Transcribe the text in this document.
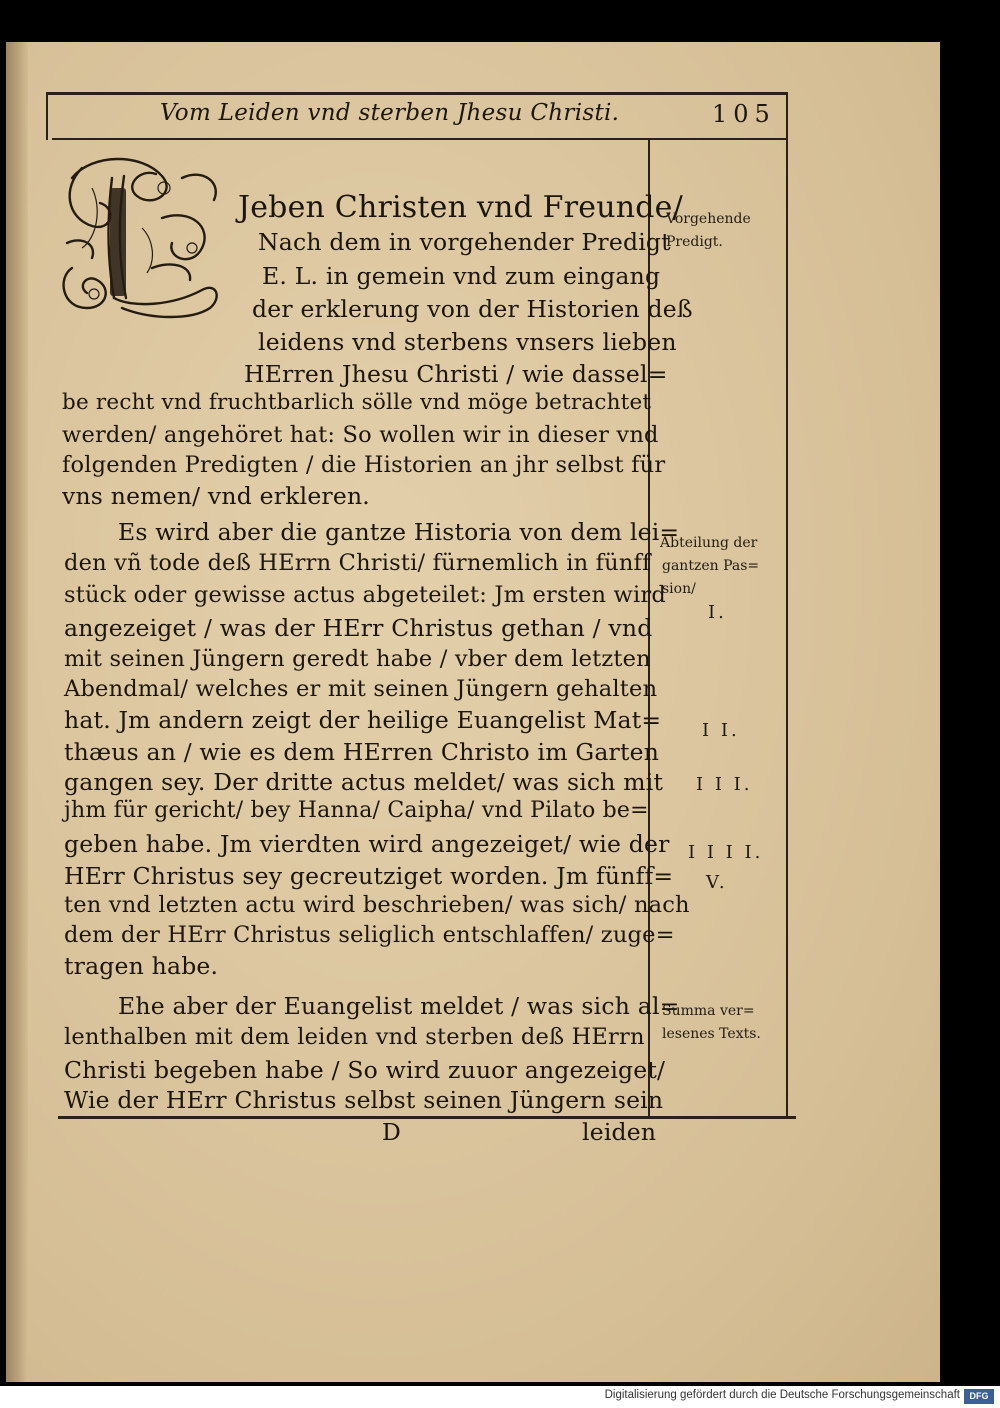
Vom Leiden vnd sterben Jhesu Christi.	105
Jeben Christen vnd Freunde/
Nach dem in vorgehender Predigt
E. L. in gemein vnd zum eingang
der erklerung von der Historien deß
leidens vnd sterbens vnsers lieben
HErren Jhesu Christi / wie dassel=
be recht vnd fruchtbarlich sölle vnd möge betrachtet
werden/ angehöret hat: So wollen wir in dieser vnd
folgenden Predigten / die Historien an jhr selbst für
vns nemen/ vnd erkleren.
Es wird aber die gantze Historia von dem lei=
den vñ tode deß HErrn Christi/ fürnemlich in fünff
stück oder gewisse actus abgeteilet: Jm ersten wird
angezeiget / was der HErr Christus gethan / vnd
mit seinen Jüngern geredt habe / vber dem letzten
Abendmal/ welches er mit seinen Jüngern gehalten
hat. Jm andern zeigt der heilige Euangelist Mat=
thæus an / wie es dem HErren Christo im Garten
gangen sey. Der dritte actus meldet/ was sich mit
jhm für gericht/ bey Hanna/ Caipha/ vnd Pilato be=
geben habe. Jm vierdten wird angezeiget/ wie der
HErr Christus sey gecreutziget worden. Jm fünff=
ten vnd letzten actu wird beschrieben/ was sich/ nach
dem der HErr Christus seliglich entschlaffen/ zuge=
tragen habe.
Ehe aber der Euangelist meldet / was sich al=
lenthalben mit dem leiden vnd sterben deß HErrn
Christi begeben habe / So wird zuuor angezeiget/
Wie der HErr Christus selbst seinen Jüngern sein
D	leiden
Vorgehende
Predigt.
Abteilung der
gantzen Pas=
sion/
Summa ver=
lesenes Texts.
I.
I I.
I I I.
I I I I.
V.
Digitalisierung gefördert durch die Deutsche Forschungsgemeinschaft	DFG
